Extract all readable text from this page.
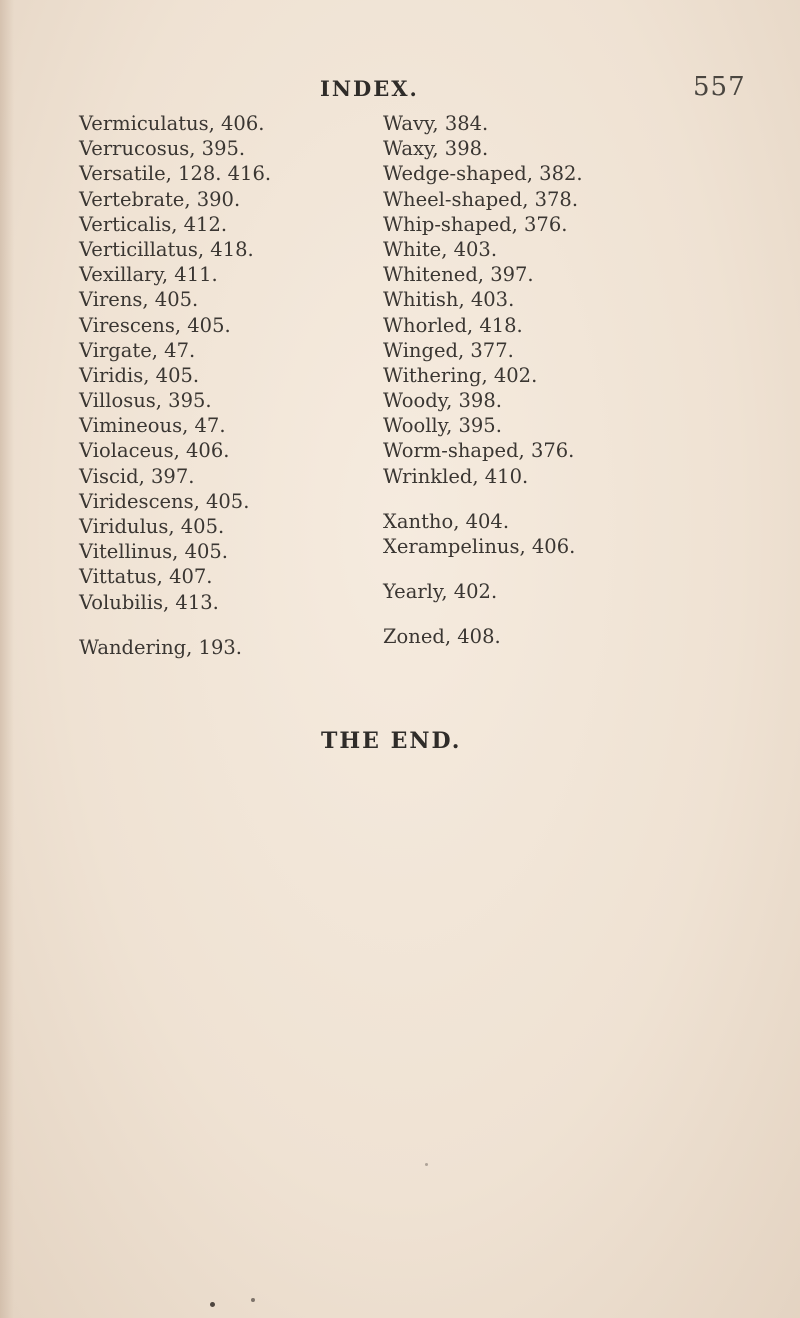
INDEX.	557
Vermiculatus, 406.
Verrucosus, 395.
Versatile, 128. 416.
Vertebrate, 390.
Verticalis, 412.
Verticillatus, 418.
Vexillary, 411.
Virens, 405.
Virescens, 405.
Virgate, 47.
Viridis, 405.
Villosus, 395.
Vimineous, 47.
Violaceus, 406.
Viscid, 397.
Viridescens, 405.
Viridulus, 405.
Vitellinus, 405.
Vittatus, 407.
Volubilis, 413.
Wandering, 193.
Wavy, 384.
Waxy, 398.
Wedge-shaped, 382.
Wheel-shaped, 378.
Whip-shaped, 376.
White, 403.
Whitened, 397.
Whitish, 403.
Whorled, 418.
Winged, 377.
Withering, 402.
Woody, 398.
Woolly, 395.
Worm-shaped, 376.
Wrinkled, 410.
Xantho, 404.
Xerampelinus, 406.
Yearly, 402.
Zoned, 408.
THE END.
